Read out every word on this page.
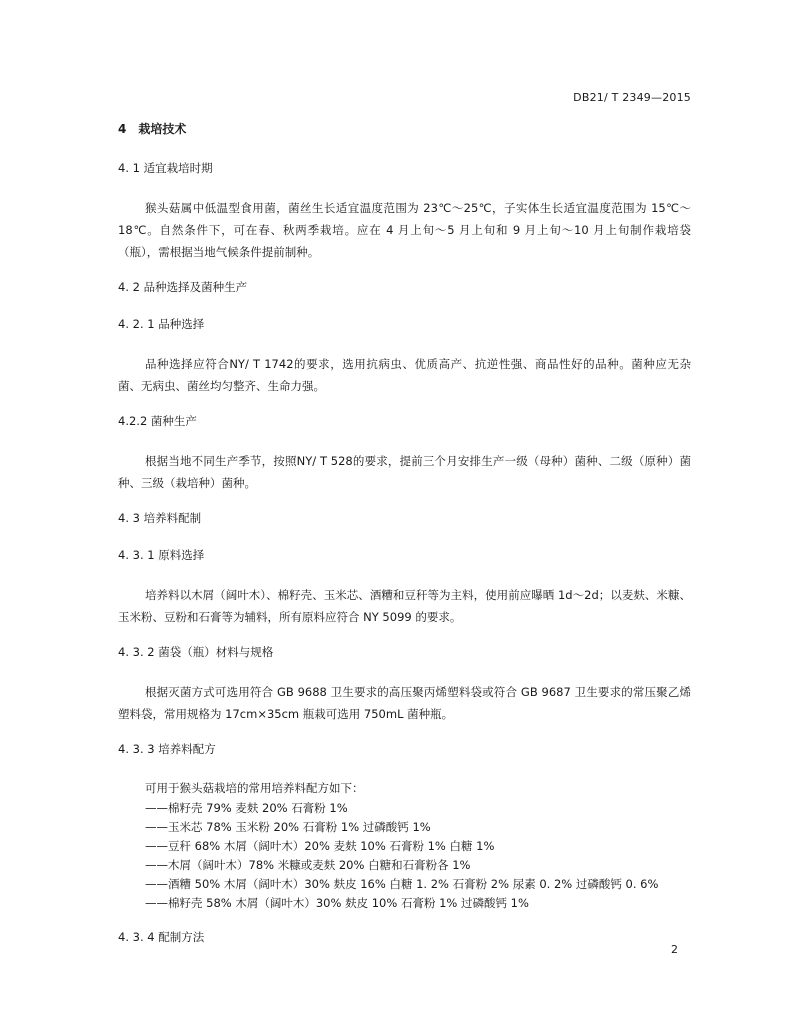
DB21/ T 2349—2015
4　栽培技术
4. 1 适宜栽培时期

猴头菇属中低温型食用菌，菌丝生长适宜温度范围为 23℃～25℃，子实体生长适宜温度范围为 15℃～18℃。自然条件下，可在春、秋两季栽培。应在 4 月上旬～5 月上旬和 9 月上旬～10 月上旬制作栽培袋（瓶），需根据当地气候条件提前制种。

4. 2 品种选择及菌种生产
4. 2. 1 品种选择

品种选择应符合NY/ T 1742的要求，选用抗病虫、优质高产、抗逆性强、商品性好的品种。菌种应无杂菌、无病虫、菌丝均匀整齐、生命力强。

4.2.2 菌种生产

根据当地不同生产季节，按照NY/ T 528的要求，提前三个月安排生产一级（母种）菌种、二级（原种）菌种、三级（栽培种）菌种。

4. 3 培养料配制
4. 3. 1 原料选择

培养料以木屑（阔叶木）、棉籽壳、玉米芯、酒糟和豆秆等为主料，使用前应曝晒 1d～2d；以麦麸、米糠、玉米粉、豆粉和石膏等为辅料，所有原料应符合 NY 5099 的要求。

4. 3. 2 菌袋（瓶）材料与规格

根据灭菌方式可选用符合 GB 9688 卫生要求的高压聚丙烯塑料袋或符合 GB 9687 卫生要求的常压聚乙烯塑料袋，常用规格为 17cm×35cm 瓶栽可选用 750mL 菌种瓶。

4. 3. 3 培养料配方
可用于猴头菇栽培的常用培养料配方如下：
——棉籽壳 79% 麦麸 20% 石膏粉 1%
——玉米芯 78% 玉米粉 20% 石膏粉 1% 过磷酸钙 1%
——豆秆 68% 木屑（阔叶木）20% 麦麸 10% 石膏粉 1% 白糖 1%
——木屑（阔叶木）78% 米糠或麦麸 20% 白糖和石膏粉各 1%
——酒糟 50% 木屑（阔叶木）30% 麸皮 16% 白糖 1. 2% 石膏粉 2% 尿素 0. 2% 过磷酸钙 0. 6%
——棉籽壳 58% 木屑（阔叶木）30% 麸皮 10% 石膏粉 1% 过磷酸钙 1%
4. 3. 4 配制方法
2
